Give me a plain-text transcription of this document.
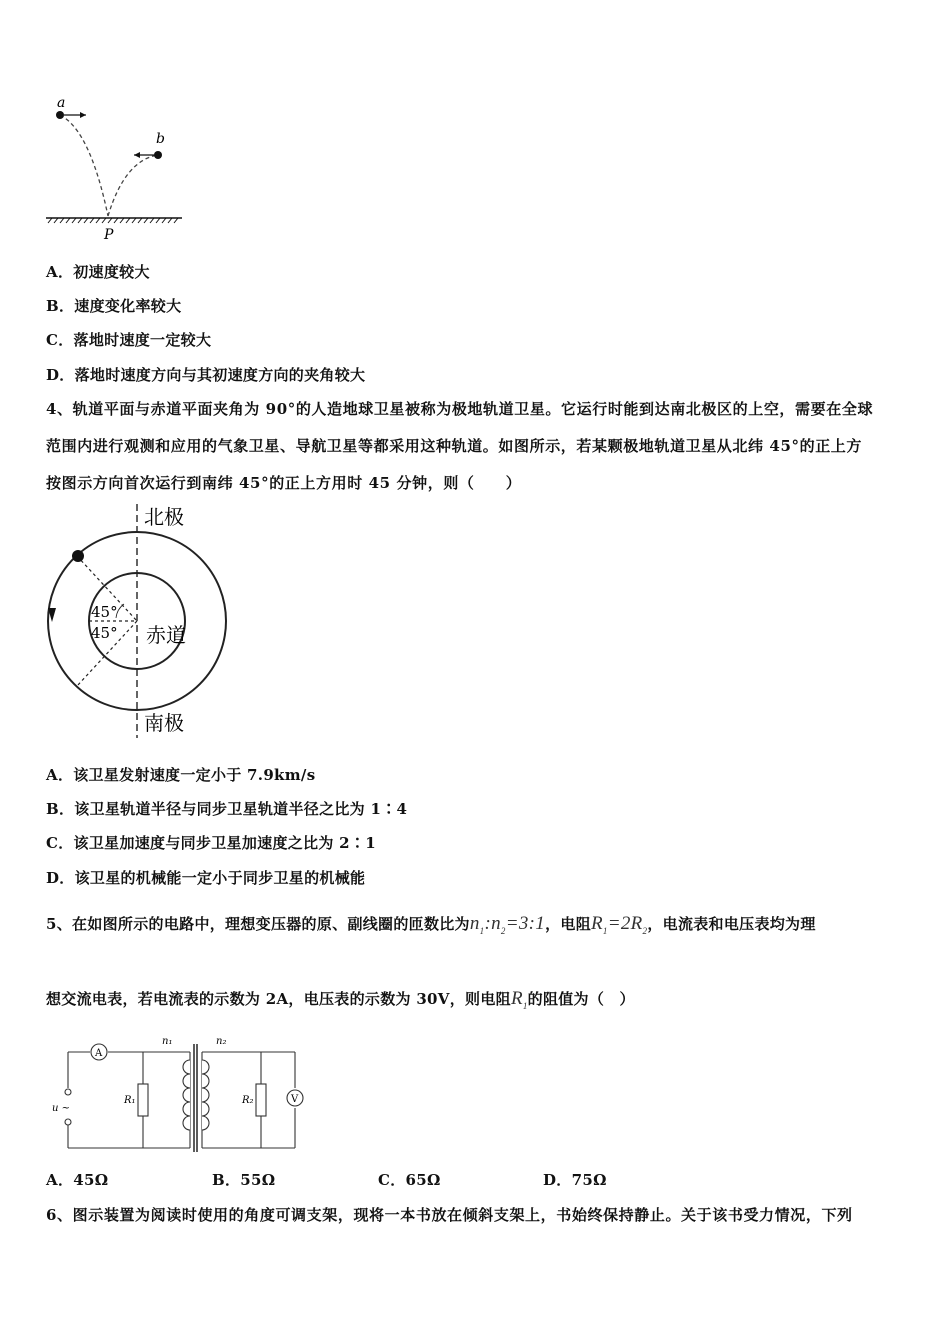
a
b
P
A．初速度较大
B．速度变化率较大
C．落地时速度一定较大
D．落地时速度方向与其初速度方向的夹角较大
4、轨道平面与赤道平面夹角为 90°的人造地球卫星被称为极地轨道卫星。它运行时能到达南北极区的上空，需要在全球
范围内进行观测和应用的气象卫星、导航卫星等都采用这种轨道。如图所示，若某颗极地轨道卫星从北纬 45°的正上方
按图示方向首次运行到南纬 45°的正上方用时 45 分钟，则（　　）
北极
南极
赤道
45°
45°
A．该卫星发射速度一定小于 7.9km/s
B．该卫星轨道半径与同步卫星轨道半径之比为 1∶4
C．该卫星加速度与同步卫星加速度之比为 2∶1
D．该卫星的机械能一定小于同步卫星的机械能
5、在如图所示的电路中，理想变压器的原、副线圈的匝数比为$n_1:n_2=3:1$，电阻$R_1=2R_2$，电流表和电压表均为理
想交流电表，若电流表的示数为 2A，电压表的示数为 30V，则电阻$R_1$的阻值为（　）
A
V
u ~
R₁	R₂
n₁	n₂
A．45Ω	B．55Ω	C．65Ω	D．75Ω
6、图示装置为阅读时使用的角度可调支架，现将一本书放在倾斜支架上，书始终保持静止。关于该书受力情况，下列
